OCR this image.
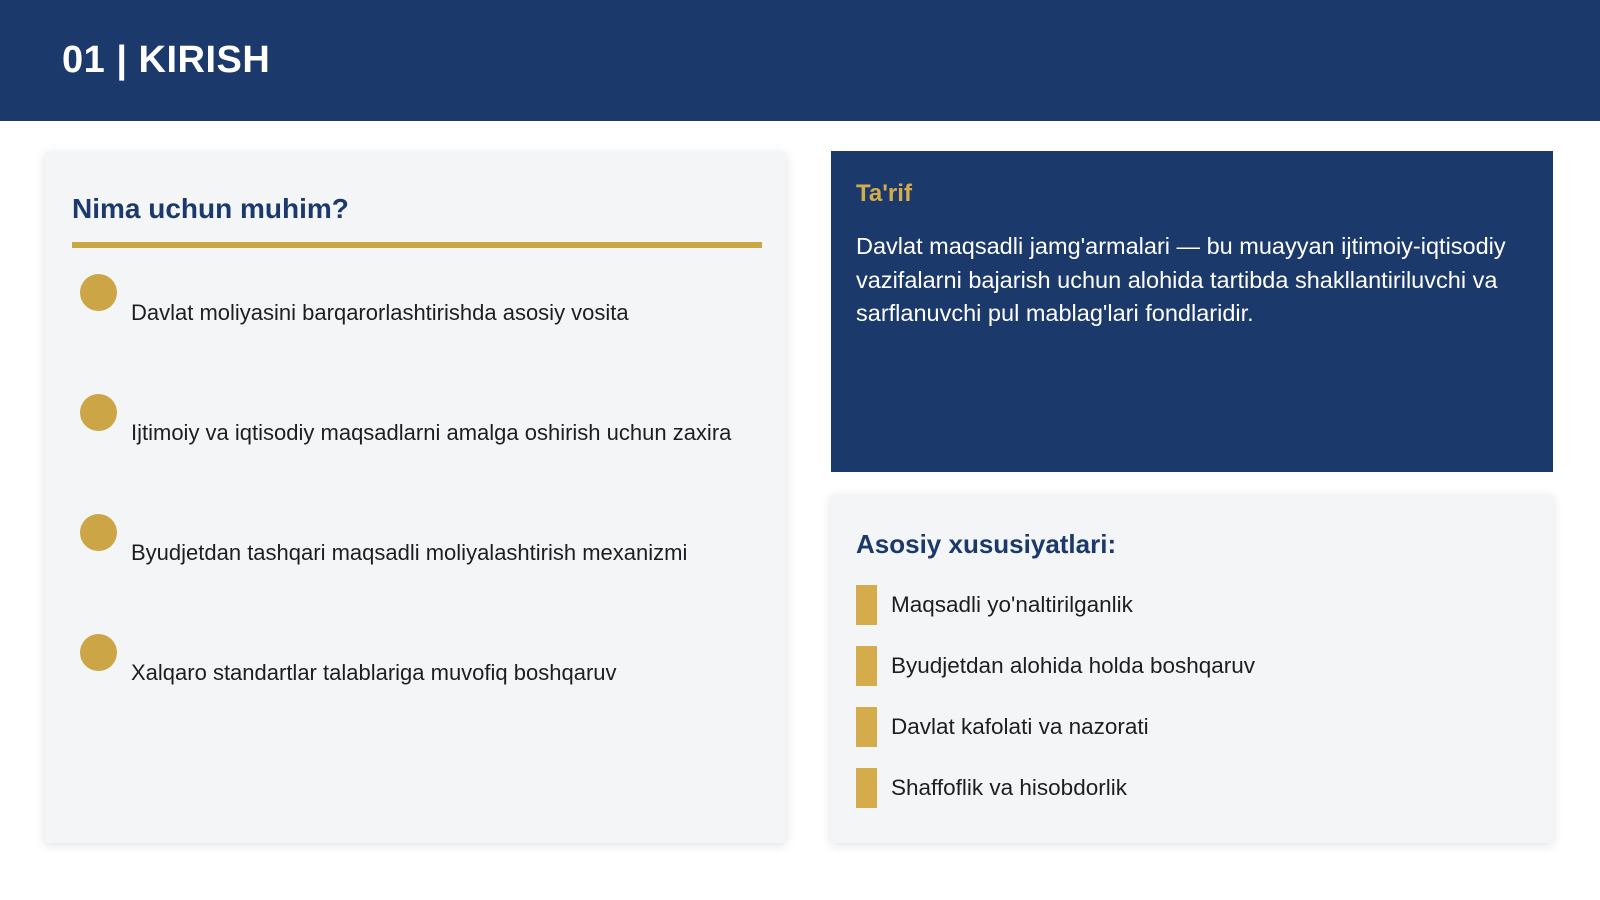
01 | KIRISH
Nima uchun muhim?
Davlat moliyasini barqarorlashtirishda asosiy vosita
Ijtimoiy va iqtisodiy maqsadlarni amalga oshirish uchun zaxira
Byudjetdan tashqari maqsadli moliyalashtirish mexanizmi
Xalqaro standartlar talablariga muvofiq boshqaruv
Ta'rif
Davlat maqsadli jamg'armalari — bu muayyan ijtimoiy-iqtisodiy vazifalarni bajarish uchun alohida tartibda shakllantiriluvchi va sarflanuvchi pul mablag'lari fondlaridir.
Asosiy xususiyatlari:
Maqsadli yo'naltirilganlik
Byudjetdan alohida holda boshqaruv
Davlat kafolati va nazorati
Shaffoflik va hisobdorlik
